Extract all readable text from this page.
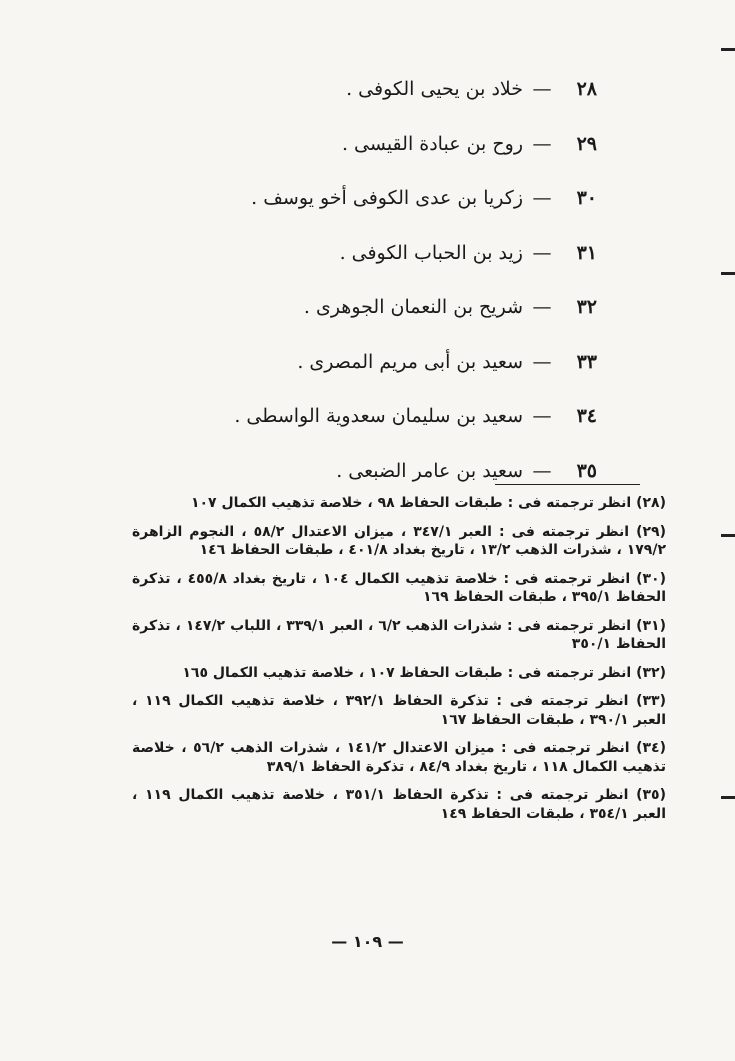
٢٨
—
خلاد بن يحيى الكوفى .
٢٩
—
روح بن عبادة القيسى .
٣٠
—
زكريا بن عدى الكوفى أخو يوسف .
٣١
—
زيد بن الحباب الكوفى .
٣٢
—
شريح بن النعمان الجوهرى .
٣٣
—
سعيد بن أبى مريم المصرى .
٣٤
—
سعيد بن سليمان سعدوية الواسطى .
٣٥
—
سعيد بن عامر الضبعى .
(٢٨) انظر ترجمته فى : طبقات الحفاظ ٩٨ ، خلاصة تذهيب الكمال ١٠٧
(٢٩) انظر ترجمته فى : العبر ٣٤٧/١ ، ميزان الاعتدال ٥٨/٢ ، النجوم الزاهرة ١٧٩/٢ ، شذرات الذهب ١٣/٢ ، تاريخ بغداد ٤٠١/٨ ، طبقات الحفاظ ١٤٦
(٣٠) انظر ترجمته فى : خلاصة تذهيب الكمال ١٠٤ ، تاريخ بغداد ٤٥٥/٨ ، تذكرة الحفاظ ٣٩٥/١ ، طبقات الحفاظ ١٦٩
(٣١) انظر ترجمته فى : شذرات الذهب ٦/٢ ، العبر ٣٣٩/١ ، اللباب ١٤٧/٢ ، تذكرة الحفاظ ٣٥٠/١
(٣٢) انظر ترجمته فى : طبقات الحفاظ ١٠٧ ، خلاصة تذهيب الكمال ١٦٥
(٣٣) انظر ترجمته فى : تذكرة الحفاظ ٣٩٢/١ ، خلاصة تذهيب الكمال ١١٩ ، العبر ٣٩٠/١ ، طبقات الحفاظ ١٦٧
(٣٤) انظر ترجمته فى : ميزان الاعتدال ١٤١/٢ ، شذرات الذهب ٥٦/٢ ، خلاصة تذهيب الكمال ١١٨ ، تاريخ بغداد ٨٤/٩ ، تذكرة الحفاظ ٣٨٩/١
(٣٥) انظر ترجمته فى : تذكرة الحفاظ ٣٥١/١ ، خلاصة تذهيب الكمال ١١٩ ، العبر ٣٥٤/١ ، طبقات الحفاظ ١٤٩
— ١٠٩ —
